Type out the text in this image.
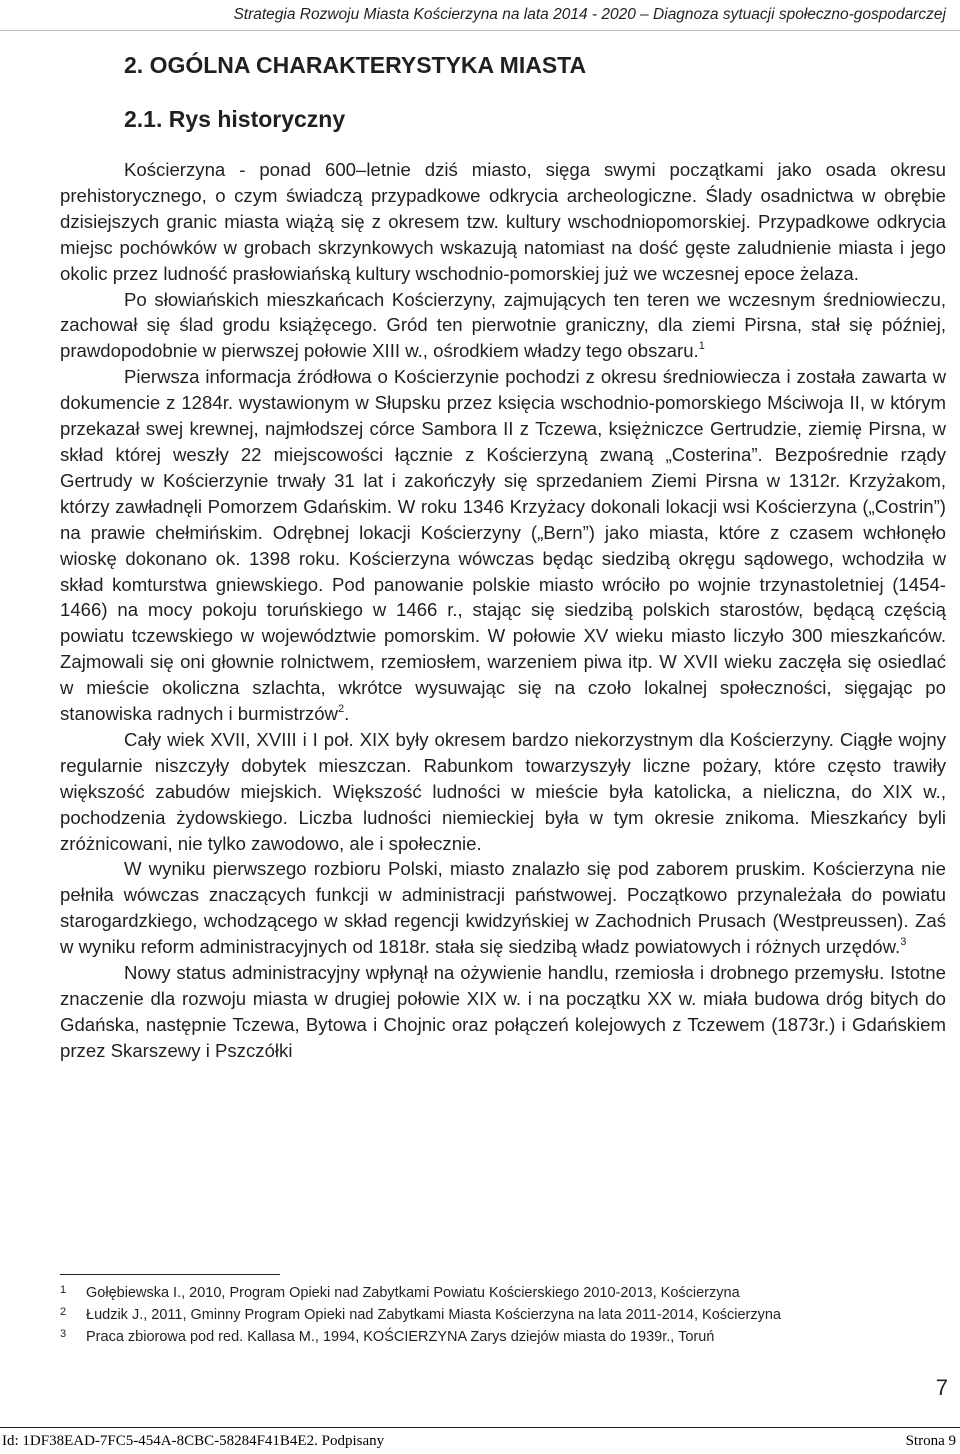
Strategia Rozwoju Miasta Kościerzyna na lata 2014 - 2020 – Diagnoza sytuacji społeczno-gospodarczej
2. OGÓLNA CHARAKTERYSTYKA MIASTA
2.1. Rys historyczny

Kościerzyna - ponad 600–letnie dziś miasto, sięga swymi początkami jako osada okresu prehistorycznego, o czym świadczą przypadkowe odkrycia archeologiczne. Ślady osadnictwa w obrębie dzisiejszych granic miasta wiążą się z okresem tzw. kultury wschodniopomorskiej. Przypadkowe odkrycia miejsc pochówków w grobach skrzynkowych wskazują natomiast na dość gęste zaludnienie miasta i jego okolic przez ludność prasłowiańską kultury wschodnio-pomorskiej już we wczesnej epoce żelaza.

Po słowiańskich mieszkańcach Kościerzyny, zajmujących ten teren we wczesnym średniowieczu, zachował się ślad grodu książęcego. Gród ten pierwotnie graniczny, dla ziemi Pirsna, stał się później, prawdopodobnie w pierwszej połowie XIII w., ośrodkiem władzy tego obszaru.$^1$

Pierwsza informacja źródłowa o Kościerzynie pochodzi z okresu średniowiecza i została zawarta w dokumencie z 1284r. wystawionym w Słupsku przez księcia wschodnio-pomorskiego Mściwoja II, w którym przekazał swej krewnej, najmłodszej córce Sambora II z Tczewa, księżniczce Gertrudzie, ziemię Pirsna, w skład której weszły 22 miejscowości łącznie z Kościerzyną zwaną „Costerina”. Bezpośrednie rządy Gertrudy w Kościerzynie trwały 31 lat i zakończyły się sprzedaniem Ziemi Pirsna w 1312r. Krzyżakom, którzy zawładnęli Pomorzem Gdańskim. W roku 1346 Krzyżacy dokonali lokacji wsi Kościerzyna („Costrin”) na prawie chełmińskim. Odrębnej lokacji Kościerzyny („Bern”) jako miasta, które z czasem wchłonęło wioskę dokonano ok. 1398 roku. Kościerzyna wówczas będąc siedzibą okręgu sądowego, wchodziła w skład komturstwa gniewskiego. Pod panowanie polskie miasto wróciło po wojnie trzynastoletniej (1454-1466) na mocy pokoju toruńskiego w 1466 r., stając się siedzibą polskich starostów, będącą częścią powiatu tczewskiego w województwie pomorskim. W połowie XV wieku miasto liczyło 300 mieszkańców. Zajmowali się oni głownie rolnictwem, rzemiosłem, warzeniem piwa itp. W XVII wieku zaczęła się osiedlać w mieście okoliczna szlachta, wkrótce wysuwając się na czoło lokalnej społeczności, sięgając po stanowiska radnych i burmistrzów$^2$.

Cały wiek XVII, XVIII i I poł. XIX były okresem bardzo niekorzystnym dla Kościerzyny. Ciągłe wojny regularnie niszczyły dobytek mieszczan. Rabunkom towarzyszyły liczne pożary, które często trawiły większość zabudów miejskich. Większość ludności w mieście była katolicka, a nieliczna, do XIX w., pochodzenia żydowskiego. Liczba ludności niemieckiej była w tym okresie znikoma. Mieszkańcy byli zróżnicowani, nie tylko zawodowo, ale i społecznie.

W wyniku pierwszego rozbioru Polski, miasto znalazło się pod zaborem pruskim. Kościerzyna nie pełniła wówczas znaczących funkcji w administracji państwowej. Początkowo przynależała do powiatu starogardzkiego, wchodzącego w skład regencji kwidzyńskiej w Zachodnich Prusach (Westpreussen). Zaś w wyniku reform administracyjnych od 1818r. stała się siedzibą władz powiatowych i różnych urzędów.$^3$

Nowy status administracyjny wpłynął na ożywienie handlu, rzemiosła i drobnego przemysłu. Istotne znaczenie dla rozwoju miasta w drugiej połowie XIX w. i na początku XX w. miała budowa dróg bitych do Gdańska, następnie Tczewa, Bytowa i Chojnic oraz połączeń kolejowych z Tczewem (1873r.) i Gdańskiem przez Skarszewy i Pszczółki

1 Gołębiewska I., 2010, Program Opieki nad Zabytkami Powiatu Kościerskiego 2010-2013, Kościerzyna
2 Łudzik J., 2011, Gminny Program Opieki nad Zabytkami Miasta Kościerzyna na lata 2011-2014, Kościerzyna
3 Praca zbiorowa pod red. Kallasa M., 1994, KOŚCIERZYNA Zarys dziejów miasta do 1939r., Toruń
7
Id: 1DF38EAD-7FC5-454A-8CBC-58284F41B4E2. Podpisany	Strona 9
